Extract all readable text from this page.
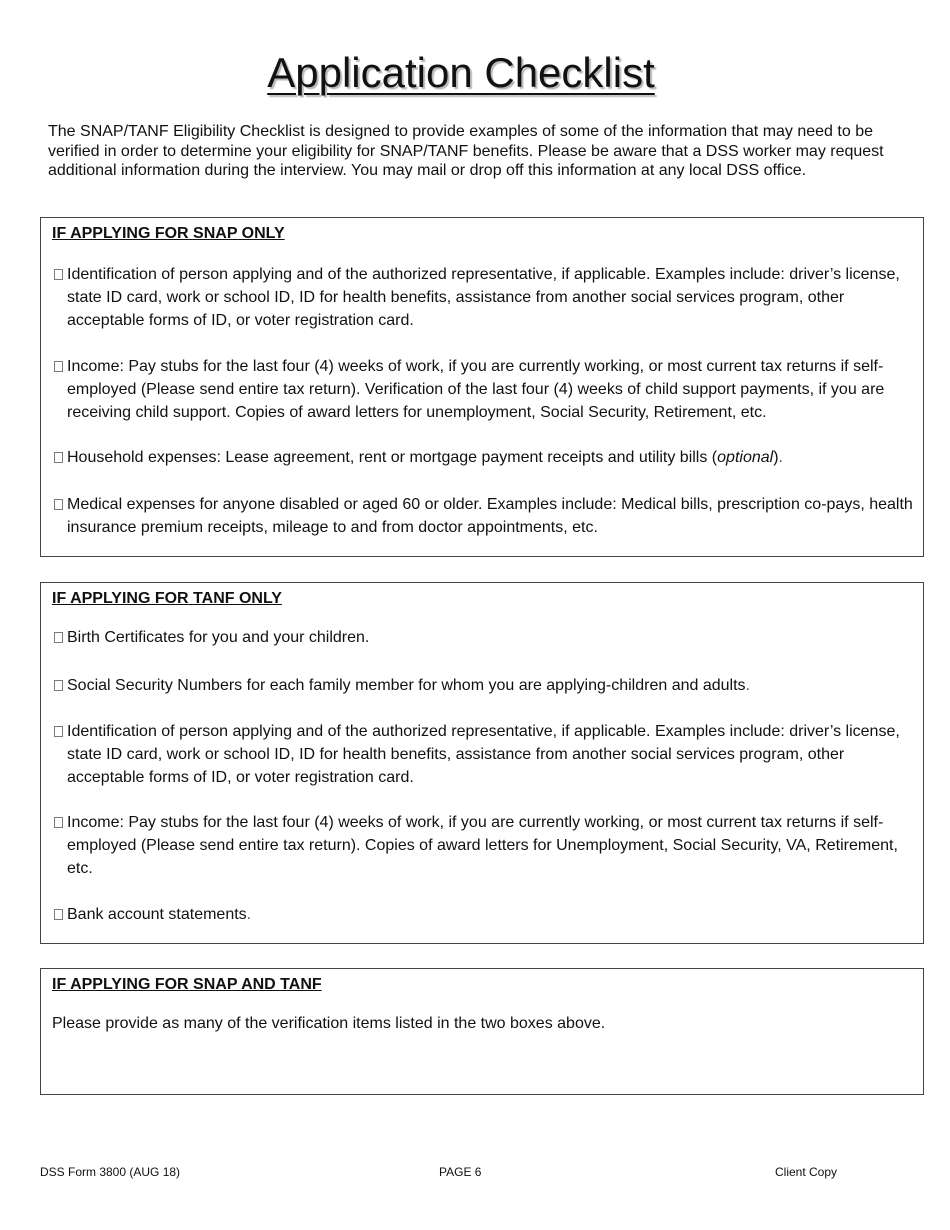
Application Checklist

The SNAP/TANF Eligibility Checklist is designed to provide examples of some of the information that may need to be verified in order to determine your eligibility for SNAP/TANF benefits. Please be aware that a DSS worker may request additional information during the interview. You may mail or drop off this information at any local DSS office.

IF APPLYING FOR SNAP ONLY

Identification of person applying and of the authorized representative, if applicable. Examples include: driver’s license, state ID card, work or school ID, ID for health benefits, assistance from another social services program, other acceptable forms of ID, or voter registration card.

Income: Pay stubs for the last four (4) weeks of work, if you are currently working, or most current tax returns if self-employed (Please send entire tax return). Verification of the last four (4) weeks of child support payments, if you are receiving child support. Copies of award letters for unemployment, Social Security, Retirement, etc.

Household expenses: Lease agreement, rent or mortgage payment receipts and utility bills (optional).

Medical expenses for anyone disabled or aged 60 or older. Examples include: Medical bills, prescription co-pays, health insurance premium receipts, mileage to and from doctor appointments, etc.

IF APPLYING FOR TANF ONLY

Birth Certificates for you and your children.

Social Security Numbers for each family member for whom you are applying-children and adults.

Identification of person applying and of the authorized representative, if applicable. Examples include: driver’s license, state ID card, work or school ID, ID for health benefits, assistance from another social services program, other acceptable forms of ID, or voter registration card.

Income: Pay stubs for the last four (4) weeks of work, if you are currently working, or most current tax returns if self-employed (Please send entire tax return). Copies of award letters for Unemployment, Social Security, VA, Retirement, etc.

Bank account statements.

IF APPLYING FOR SNAP AND TANF

Please provide as many of the verification items listed in the two boxes above.

DSS Form 3800 (AUG 18)	PAGE 6	Client Copy
